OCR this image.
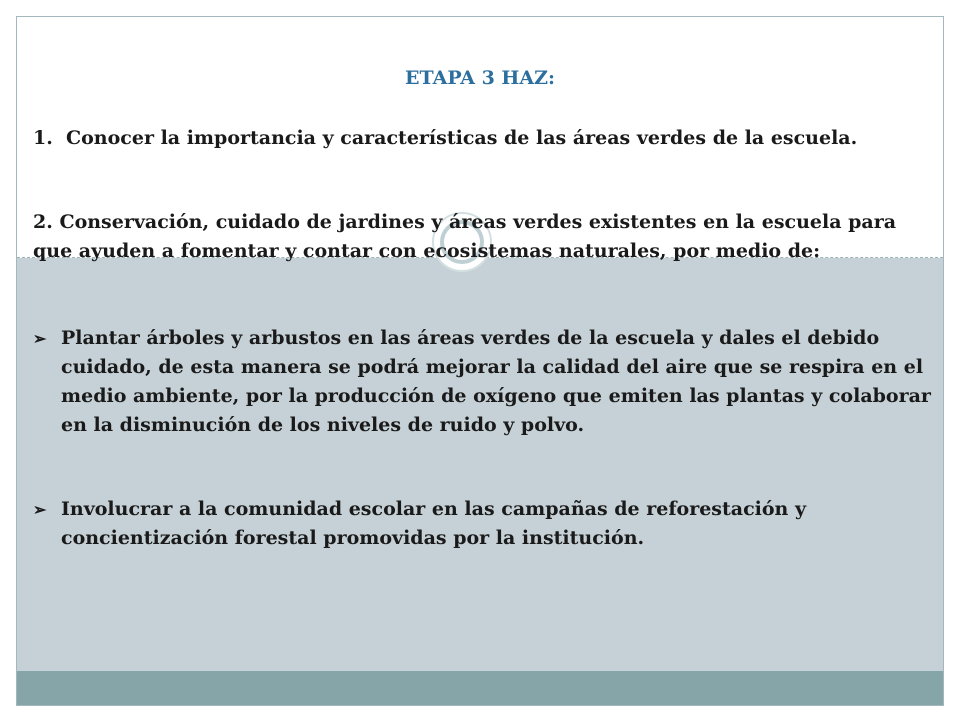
ETAPA 3 HAZ:
1. Conocer la importancia y características de las áreas verdes de la escuela.
2. Conservación, cuidado de jardines y áreas verdes existentes en la escuela para que ayuden a fomentar y contar con ecosistemas naturales, por medio de:
➢ Plantar árboles y arbustos en las áreas verdes de la escuela y dales el debido cuidado, de esta manera se podrá mejorar la calidad del aire que se respira en el medio ambiente, por la producción de oxígeno que emiten las plantas y colaborar en la disminución de los niveles de ruido y polvo.
➢ Involucrar a la comunidad escolar en las campañas de reforestación y concientización forestal promovidas por la institución.
